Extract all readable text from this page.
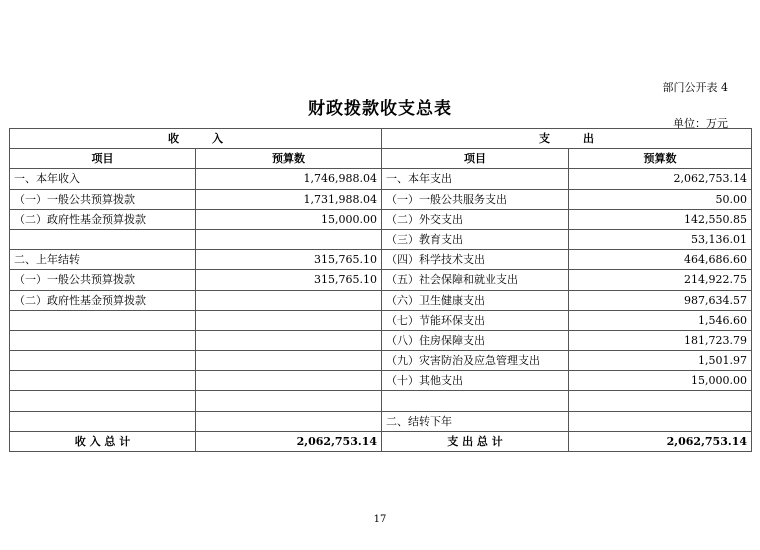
部门公开表 4
财政拨款收支总表
单位：万元
收　　　入		支　　　出	
项目	预算数	项目	预算数
一、本年收入	1,746,988.04	一、本年支出	2,062,753.14
（一）一般公共预算拨款	1,731,988.04	（一）一般公共服务支出	50.00
（二）政府性基金预算拨款	15,000.00	（二）外交支出	142,550.85
		（三）教育支出	53,136.01
二、上年结转	315,765.10	（四）科学技术支出	464,686.60
（一）一般公共预算拨款	315,765.10	（五）社会保障和就业支出	214,922.75
（二）政府性基金预算拨款		（六）卫生健康支出	987,634.57
		（七）节能环保支出	1,546.60
		（八）住房保障支出	181,723.79
		（九）灾害防治及应急管理支出	1,501.97
		（十）其他支出	15,000.00

		二、结转下年	
收 入 总 计	2,062,753.14	支 出 总 计	2,062,753.14
17
